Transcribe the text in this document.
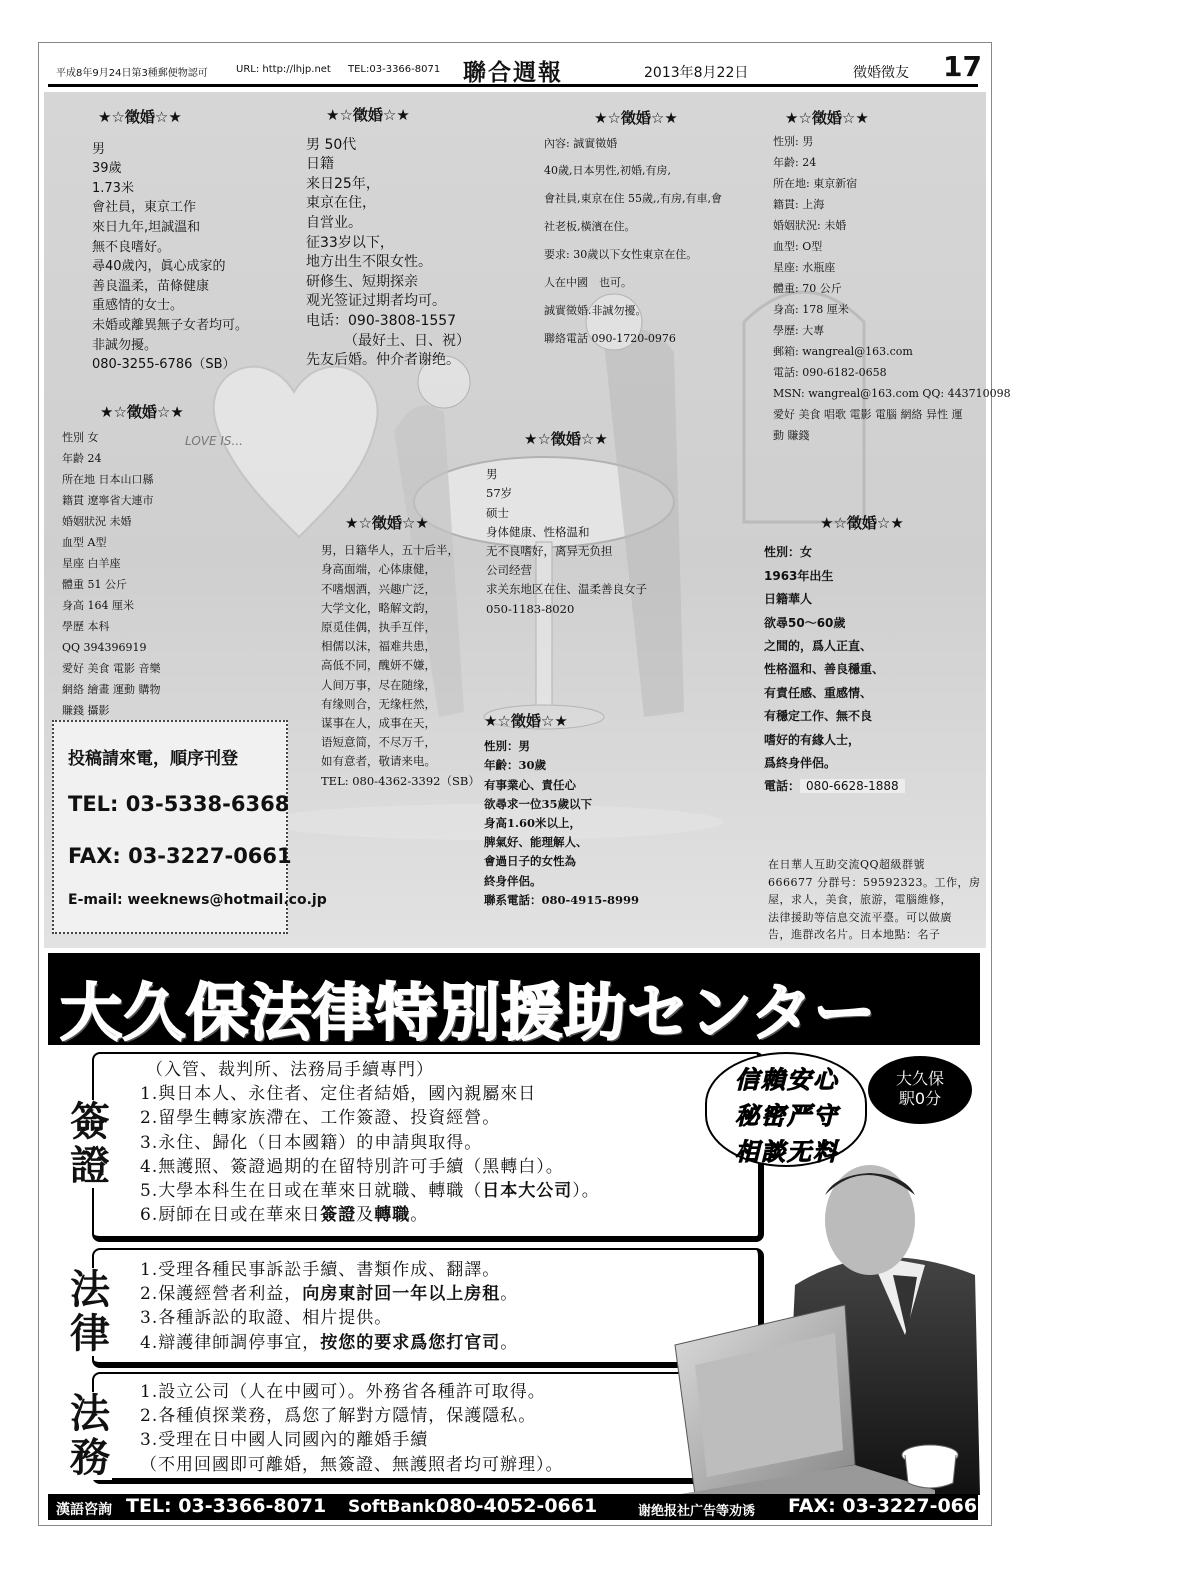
平成8年9月24日第3種郵便物認可	URL: http://lhjp.net TEL:03-3366-8071 聯合週報	2013年8月22日	徵婚徵友 17
LOVE IS...
★☆徵婚☆★
男
39歲
1.73米
會社員，東京工作
來日九年,坦誠溫和
無不良嗜好。
尋40歲內，眞心成家的
善良溫柔，苗條健康
重感情的女士。
未婚或離異無子女者均可。
非誠勿擾。
080-3255-6786（SB）
★☆徵婚☆★
男 50代
日籍
来日25年，
東京在住，
自営业。
征33岁以下，
地方出生不限女性。
研修生、短期探亲
观光签证过期者均可。
电话：090-3808-1557
（最好土、日、祝）
先友后婚。仲介者谢绝。
★☆徵婚☆★
內容: 誠實徵婚
40歲,日本男性,初婚,有房,
會社員,東京在住 55歲,,有房,有車,會
社老板,橫濱在住。
要求: 30歲以下女性東京在住。
人在中國　也可。
誠實徵婚.非誠勿擾。
聯絡電話 090-1720-0976
★☆徵婚☆★
性別: 男
年齡: 24
所在地: 東京新宿
籍貫: 上海
婚姻狀況: 未婚
血型: O型
星座: 水瓶座
體重: 70 公斤
身高: 178 厘米
學歷: 大專
郵箱: wangreal@163.com
電話: 090-6182-0658
MSN: wangreal@163.com QQ: 443710098
愛好 美食 唱歌 電影 電腦 網絡 异性 運
動 賺錢
★☆徵婚☆★
性別 女
年齡 24
所在地 日本山口縣
籍貫 遼寧省大連市
婚姻狀況 未婚
血型 A型
星座 白羊座
體重 51 公斤
身高 164 厘米
學歷 本科
QQ 394396919
愛好 美食 電影 音樂
網絡 繪畫 運動 購物
賺錢 攝影
★☆徵婚☆★
男，日籍华人，五十后半，
身高面端，心体康健，
不嗜烟酒，兴趣广泛，
大学文化，略解文韵，
原觅佳偶，执手互伴，
相儒以沫，福难共患，
高低不同，醜妍不嫌，
人间万事，尽在随缘，
有缘则合，无缘枉然，
谋事在人，成事在天，
语短意简，不尽万千，
如有意者，敬请来电。
TEL: 080-4362-3392（SB）
★☆徵婚☆★
男
57岁
硕士
身体健康、性格温和
无不良嗜好，离异无负担
公司经营
求关东地区在住、温柔善良女子
050-1183-8020
★☆徵婚☆★
性別：男
年齡：30歲
有事業心、責任心
欲尋求一位35歲以下
身高1.60米以上，
脾氣好、能理解人、
會過日子的女性為
終身伴侶。
聯系電話：080-4915-8999
★☆徵婚☆★
性別：女
1963年出生
日籍華人
欲尋50～60歲
之間的，爲人正直、
性格溫和、善良穩重、
有責任感、重感情、
有穩定工作、無不良
嗜好的有緣人士，
爲終身伴侶。
電話： 080-6628-1888
在日華人互助交流QQ超級群號
666677 分群号：59592323。工作，房
屋，求人，美食，旅游，電腦維修，
法律援助等信息交流平臺。可以做廣
告，進群改名片。日本地點：名子
投稿請來電，順序刊登
TEL: 03-5338-6368
FAX: 03-3227-0661
E-mail: weeknews@hotmail.co.jp
大久保法律特別援助センター
簽證
（入管、裁判所、法務局手續專門）
1.與日本人、永住者、定住者結婚，國內親屬來日
2.留學生轉家族滯在、工作簽證、投資經營。
3.永住、歸化（日本國籍）的申請與取得。
4.無護照、簽證過期的在留特別許可手續（黑轉白）。
5.大學本科生在日或在華來日就職、轉職（日本大公司）。
6.厨師在日或在華來日簽證及轉職。
法律
1.受理各種民事訴訟手續、書類作成、翻譯。
2.保護經營者利益，向房東討回一年以上房租。
3.各種訴訟的取證、相片提供。
4.辯護律師調停事宜，按您的要求爲您打官司。
法務
1.設立公司（人在中國可）。外務省各種許可取得。
2.各種偵探業務，爲您了解對方隱情，保護隱私。
3.受理在日中國人同國內的離婚手續
（不用回國即可離婚，無簽證、無護照者均可辦理）。
信賴安心
秘密严守
相談无料
大久保
駅0分
漢語咨詢 TEL: 03-3366-8071 SoftBank:
080-4052-0661	谢绝报社广告等劝诱 FAX: 03-3227-0661
